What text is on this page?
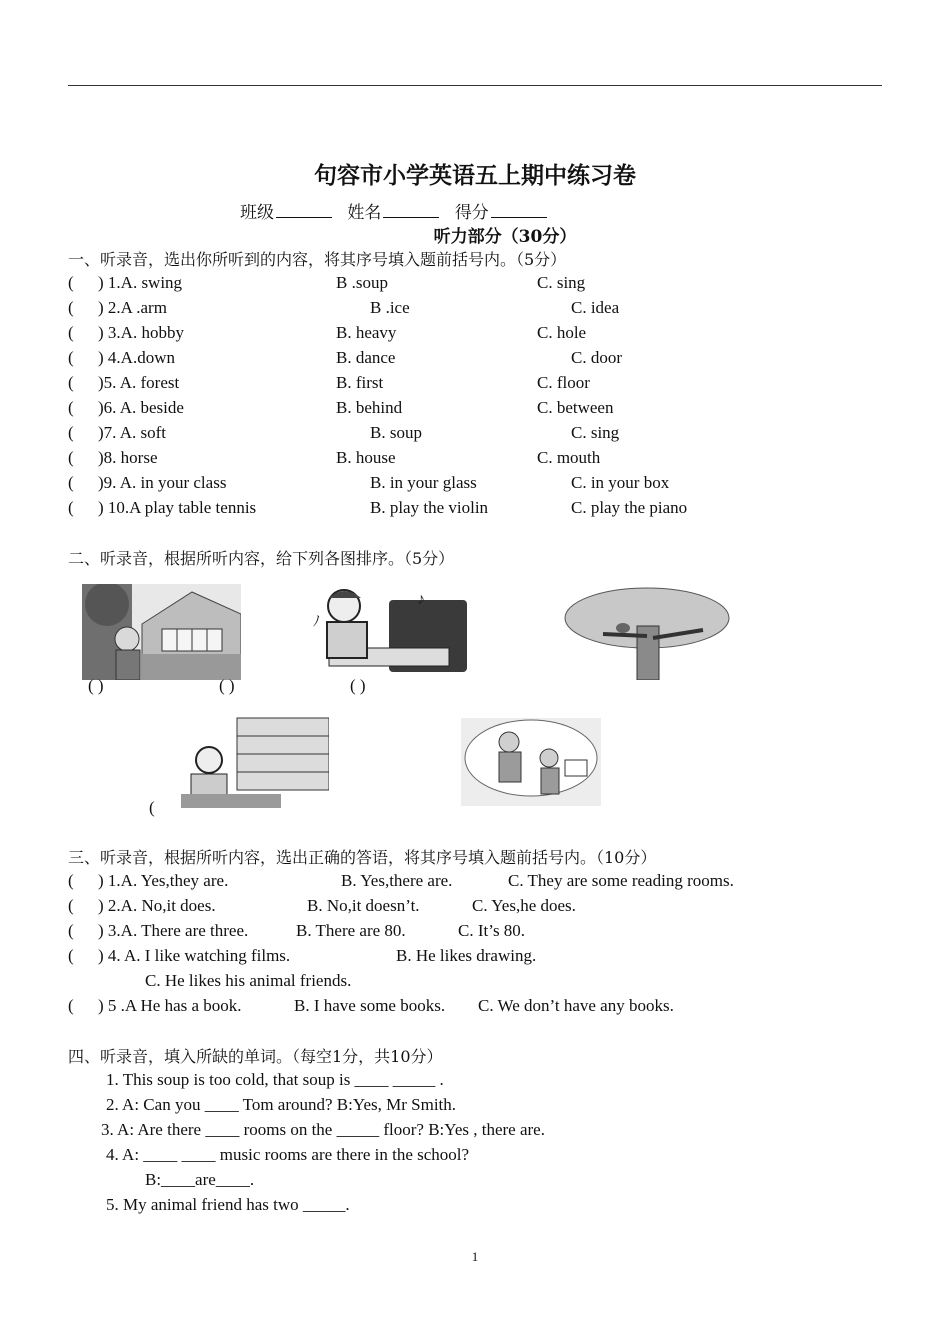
句容市小学英语五上期中练习卷
班级	姓名	得分
听力部分（30分）
一、听录音，选出你所听到的内容，将其序号填入题前括号内。（5分）
( ) 1.A. swing	B .soup	C. sing
( ) 2.A .arm	B .ice	C. idea
( ) 3.A. hobby	B. heavy	C. hole
( ) 4.A.down	B. dance	C. door
( )5. A. forest	B. first	C. floor
( )6. A. beside	B. behind	C. between
( )7. A. soft	B. soup	C. sing
( )8. horse	B. house	C. mouth
( )9. A. in your class	B. in your glass	C. in your box
( ) 10.A play table tennis	B. play the violin	C. play the piano
二、听录音，根据所听内容，给下列各图排序。（5分）
♪
ﾉ
( )	( )	( )
(
三、听录音，根据所听内容，选出正确的答语，将其序号填入题前括号内。（10分）
( ) 1.A. Yes,they are.	B. Yes,there are.	C. They are some reading rooms.
( ) 2.A. No,it does.	B. No,it doesn’t.	C. Yes,he does.
( ) 3.A. There are three.	B. There are 80.	C. It’s 80.
( ) 4. A. I like watching films.	B. He likes drawing.
C. He likes his animal friends.
( ) 5 .A He has a book.	B. I have some books. C. We don’t have any books.
四、听录音，填入所缺的单词。（每空1分，共10分）
1. This soup is too cold, that soup is ____ _____ .
2. A: Can you ____ Tom around? B:Yes, Mr Smith.
3. A: Are there ____ rooms on the _____ floor? B:Yes , there are.
4. A: ____ ____ music rooms are there in the school?
B:____are____.
5. My animal friend has two _____.
1
